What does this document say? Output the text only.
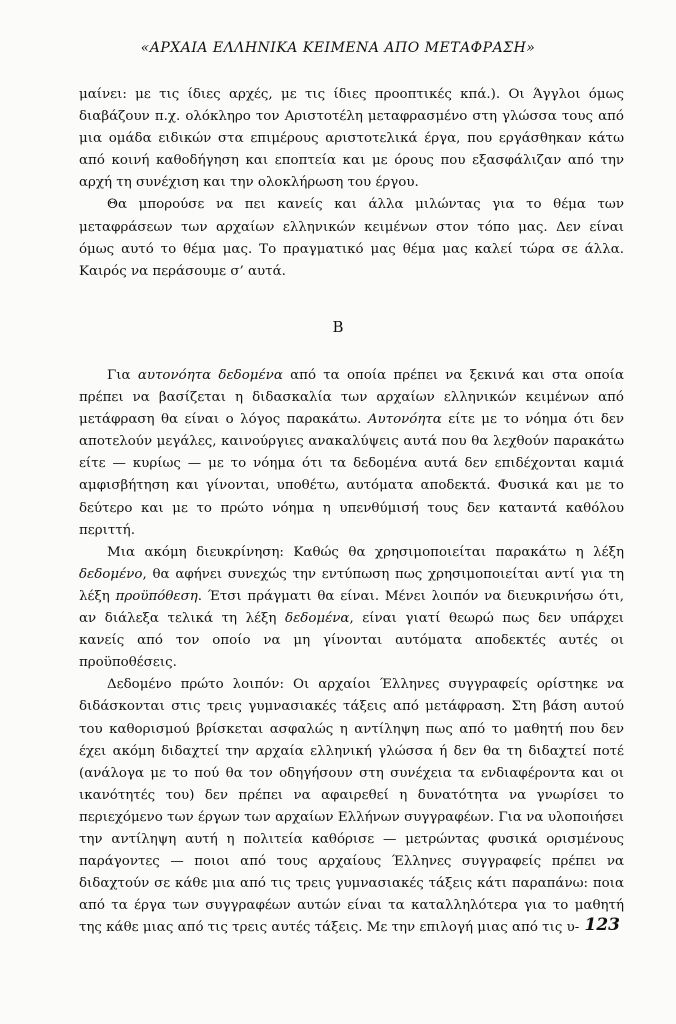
«ΑΡΧΑΙΑ ΕΛΛΗΝΙΚΑ ΚΕΙΜΕΝΑ ΑΠΟ ΜΕΤΑΦΡΑΣΗ»

μαίνει: με τις ίδιες αρχές, με τις ίδιες προοπτικές κπά.). Οι Άγγλοι όμως διαβάζουν π.χ. ολόκληρο τον Αριστοτέλη μεταφρασμένο στη γλώσσα τους από μια ομάδα ειδικών στα επιμέρους αριστοτελικά έργα, που εργάσθηκαν κάτω από κοινή καθοδήγηση και εποπτεία και με όρους που εξασφάλιζαν από την αρχή τη συνέχιση και την ολοκλήρωση του έργου.

Θα μπορούσε να πει κανείς και άλλα μιλώντας για το θέμα των μεταφράσεων των αρχαίων ελληνικών κειμένων στον τόπο μας. Δεν είναι όμως αυτό το θέμα μας. Το πραγματικό μας θέμα μας καλεί τώρα σε άλλα. Καιρός να περάσουμε σ’ αυτά.

Β

Για αυτονόητα δεδομένα από τα οποία πρέπει να ξεκινά και στα οποία πρέπει να βασίζεται η διδασκαλία των αρχαίων ελληνικών κειμένων από μετάφραση θα είναι ο λόγος παρακάτω. Αυτονόητα είτε με το νόημα ότι δεν αποτελούν μεγάλες, καινούργιες ανακαλύψεις αυτά που θα λεχθούν παρακάτω είτε — κυρίως — με το νόημα ότι τα δεδομένα αυτά δεν επιδέχονται καμιά αμφισβήτηση και γίνονται, υποθέτω, αυτόματα αποδεκτά. Φυσικά και με το δεύτερο και με το πρώτο νόημα η υπενθύμισή τους δεν καταντά καθόλου περιττή.

Μια ακόμη διευκρίνηση: Καθώς θα χρησιμοποιείται παρακάτω η λέξη δεδομένο, θα αφήνει συνεχώς την εντύπωση πως χρησιμοποιείται αντί για τη λέξη προϋπόθεση. Έτσι πράγματι θα είναι. Μένει λοιπόν να διευκρινήσω ότι, αν διάλεξα τελικά τη λέξη δεδομένα, είναι γιατί θεωρώ πως δεν υπάρχει κανείς από τον οποίο να μη γίνονται αυτόματα αποδεκτές αυτές οι προϋποθέσεις.

Δεδομένο πρώτο λοιπόν: Οι αρχαίοι Έλληνες συγγραφείς ορίστηκε να διδάσκονται στις τρεις γυμνασιακές τάξεις από μετάφραση. Στη βάση αυτού του καθορισμού βρίσκεται ασφαλώς η αντίληψη πως από το μαθητή που δεν έχει ακόμη διδαχτεί την αρχαία ελληνική γλώσσα ή δεν θα τη διδαχτεί ποτέ (ανάλογα με το πού θα τον οδηγήσουν στη συνέχεια τα ενδιαφέροντα και οι ικανότητές του) δεν πρέπει να αφαιρεθεί η δυνατότητα να γνωρίσει το περιεχόμενο των έργων των αρχαίων Ελλήνων συγγραφέων. Για να υλοποιήσει την αντίληψη αυτή η πολιτεία καθόρισε — μετρώντας φυσικά ορισμένους παράγοντες — ποιοι από τους αρχαίους Έλληνες συγγραφείς πρέπει να διδαχτούν σε κάθε μια από τις τρεις γυμνασιακές τάξεις κάτι παραπάνω: ποια από τα έργα των συγγραφέων αυτών είναι τα καταλληλότερα για το μαθητή της κάθε μιας από τις τρεις αυτές τάξεις. Με την επιλογή μιας από τις υ- 123
